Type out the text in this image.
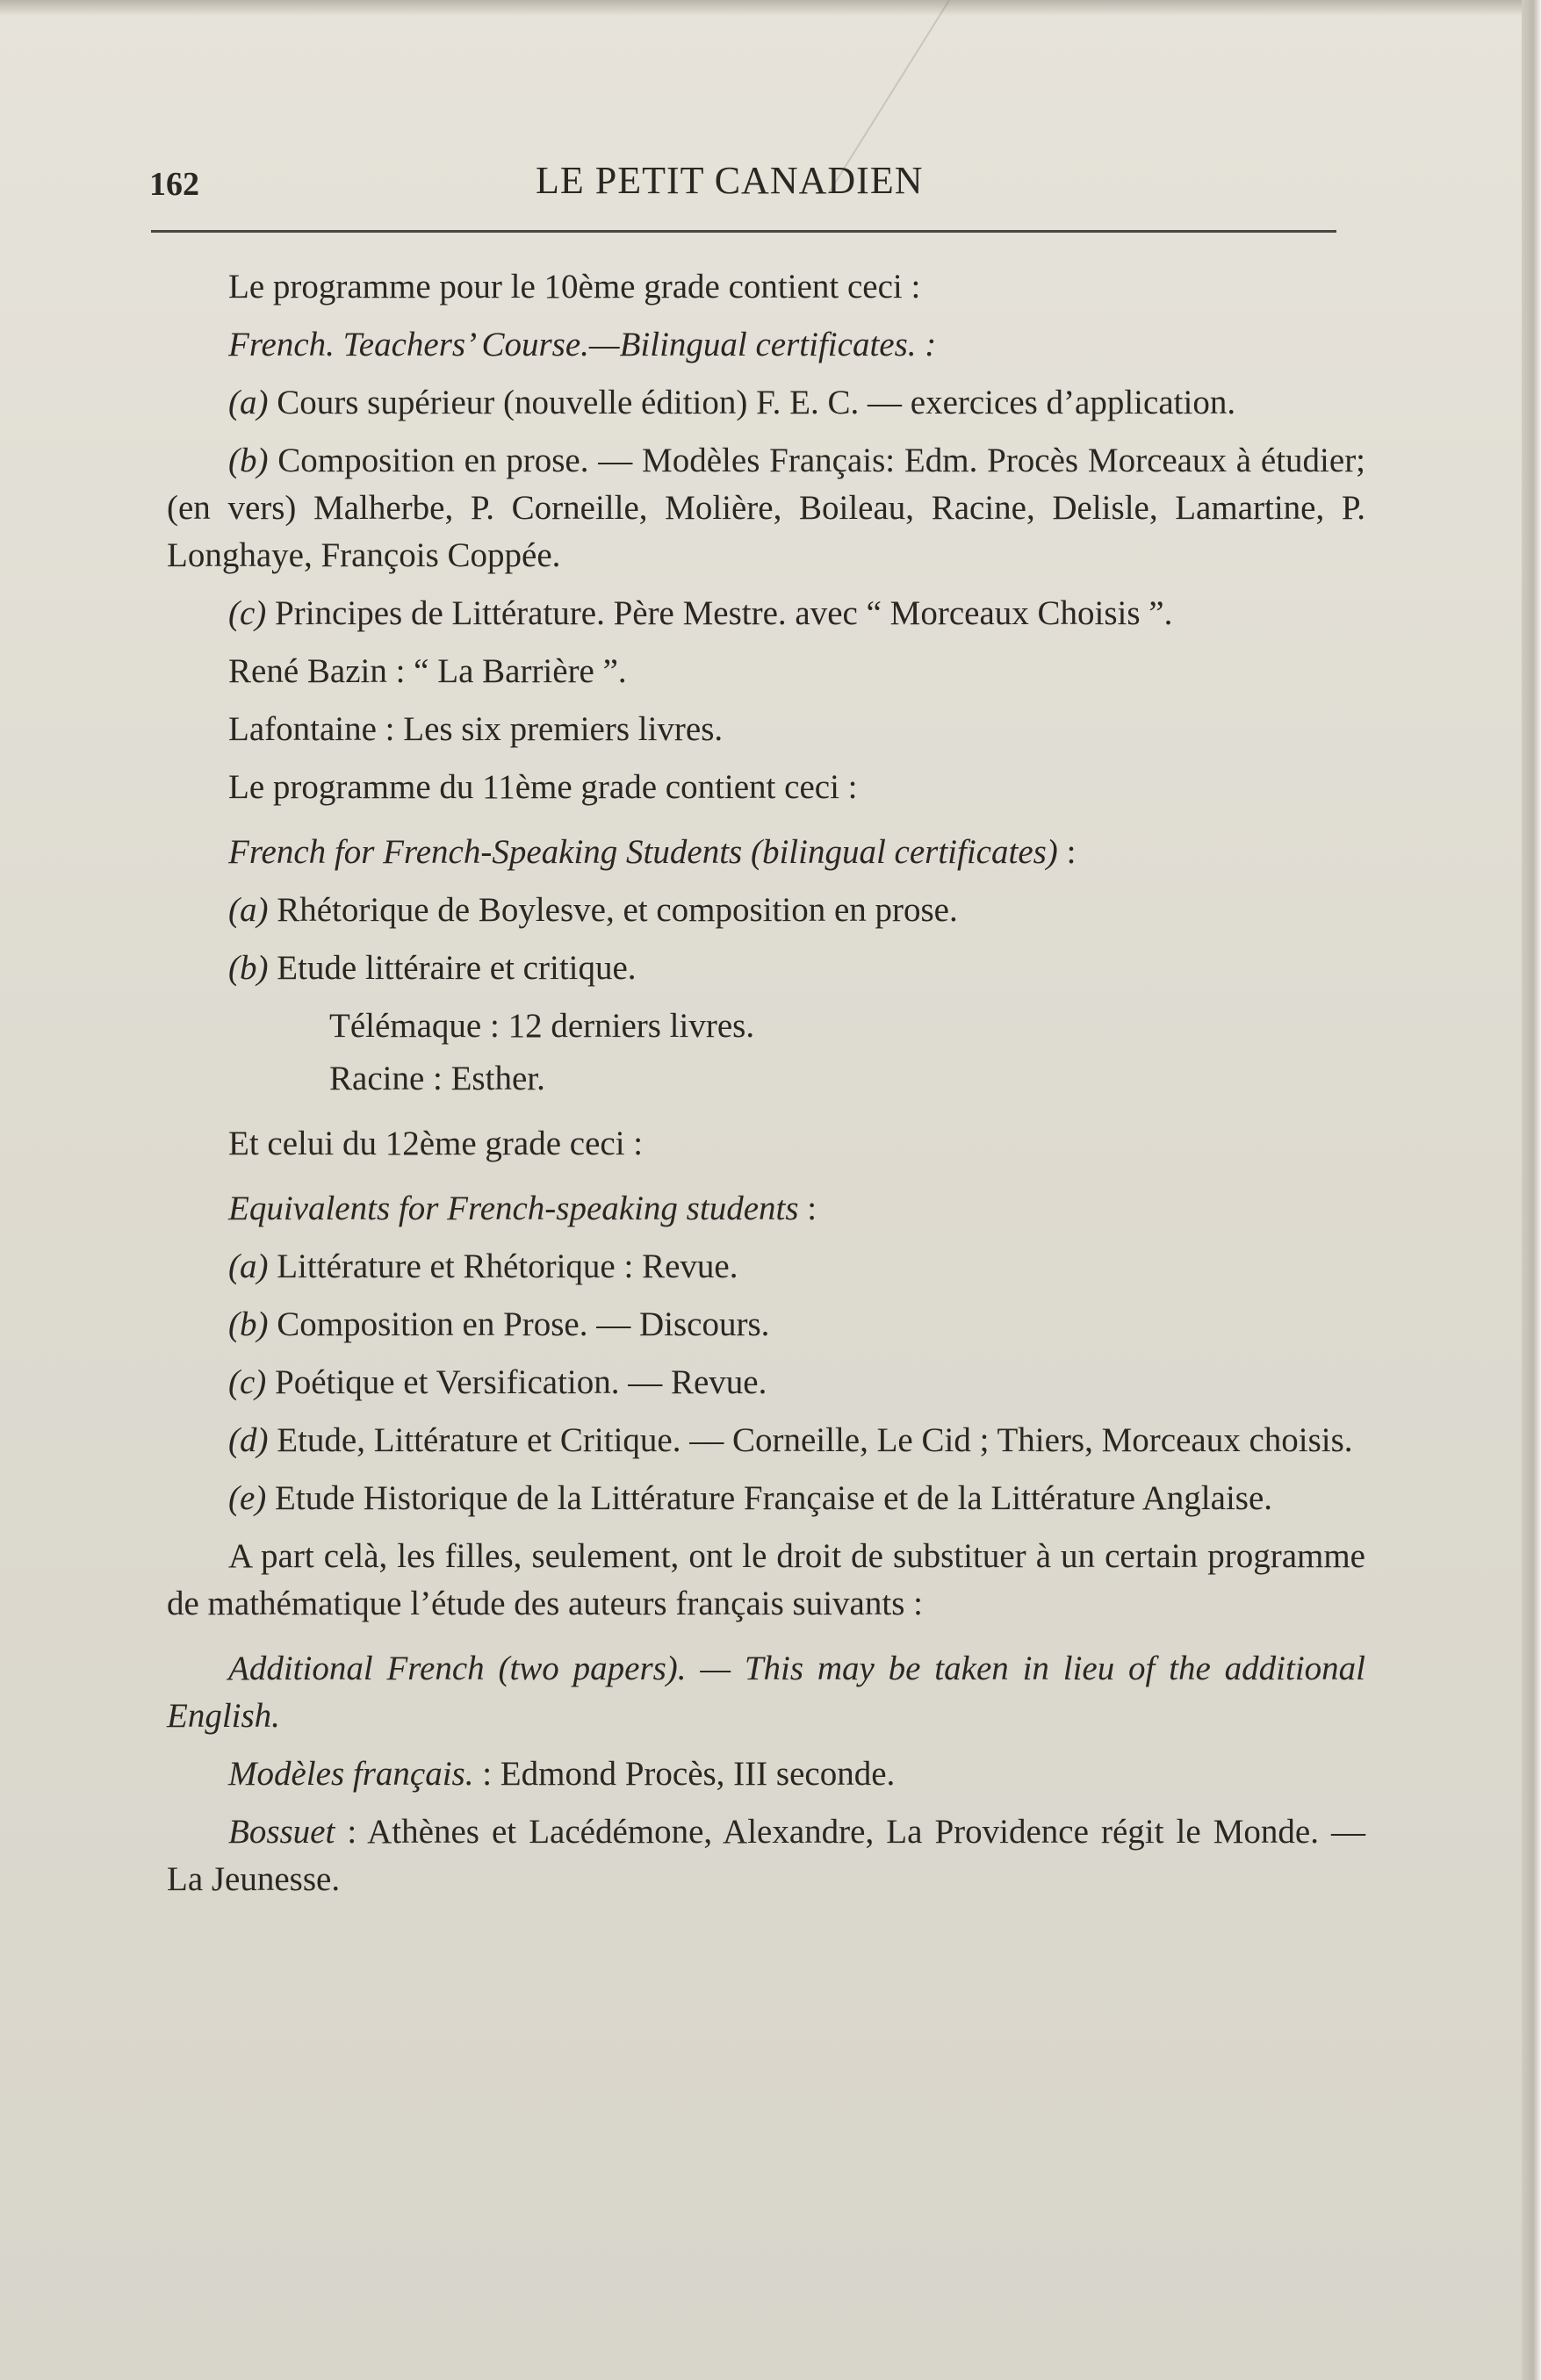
162	LE PETIT CANADIEN

Le programme pour le 10ème grade contient ceci :

French. Teachers’ Course.—Bilingual certificates. :

(a) Cours supérieur (nouvelle édition) F. E. C. — exercices d’application.

(b) Composition en prose. — Modèles Français: Edm. Procès Morceaux à étudier; (en vers) Malherbe, P. Corneille, Molière, Boileau, Racine, Delisle, Lamartine, P. Longhaye, François Coppée.

(c) Principes de Littérature. Père Mestre. avec “ Morceaux Choisis ”.

René Bazin : “ La Barrière ”.

Lafontaine : Les six premiers livres.

Le programme du 11ème grade contient ceci :

French for French-Speaking Students (bilingual certificates) :

(a) Rhétorique de Boylesve, et composition en prose.

(b) Etude littéraire et critique.

Télémaque : 12 derniers livres.

Racine : Esther.

Et celui du 12ème grade ceci :

Equivalents for French-speaking students :

(a) Littérature et Rhétorique : Revue.

(b) Composition en Prose. — Discours.

(c) Poétique et Versification. — Revue.

(d) Etude, Littérature et Critique. — Corneille, Le Cid ; Thiers, Morceaux choisis.

(e) Etude Historique de la Littérature Française et de la Littérature Anglaise.

A part celà, les filles, seulement, ont le droit de substituer à un certain programme de mathématique l’étude des auteurs français suivants :

Additional French (two papers). — This may be taken in lieu of the additional English.

Modèles français. : Edmond Procès, III seconde.

Bossuet : Athènes et Lacédémone, Alexandre, La Providence régit le Monde. — La Jeunesse.
